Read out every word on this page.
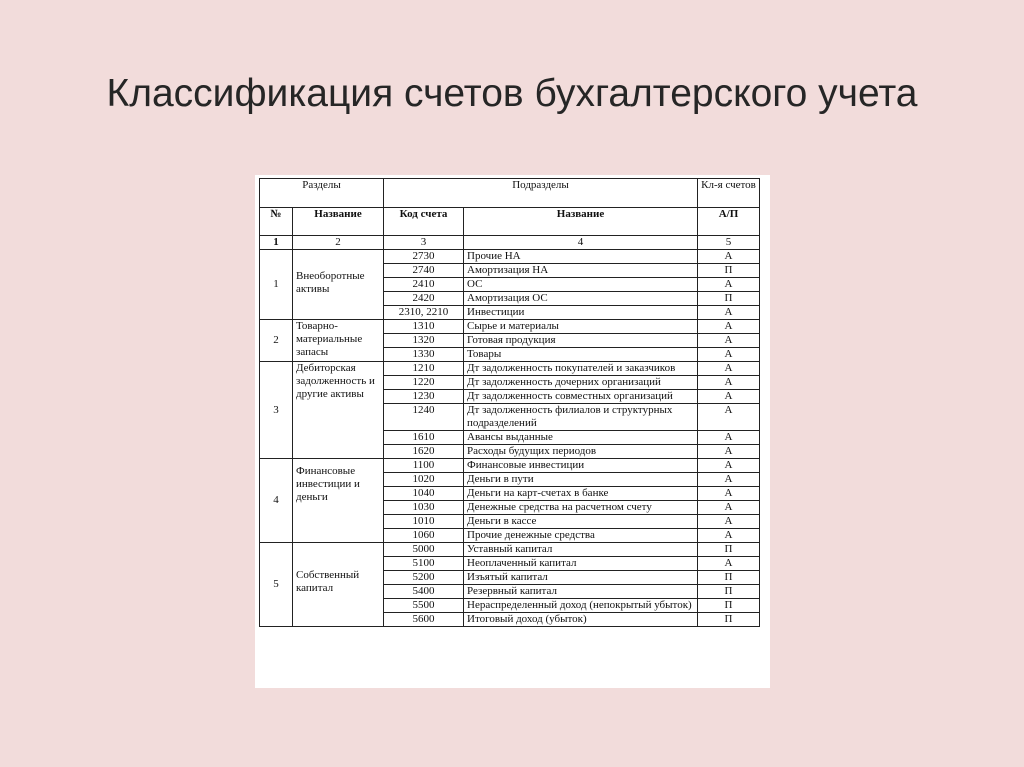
Классификация счетов бухгалтерского учета
Разделы		Подразделы		Кл-я счетов
№	Название	Код счета	Название	А/П
1	2	3	4	5
1	Внеоборотные активы	2730	Прочие НА	А
		2740	Амортизация НА	П
		2410	ОС	А
		2420	Амортизация ОС	П
		2310, 2210	Инвестиции	А
2	Товарно-материальные запасы	1310	Сырье и материалы	А
		1320	Готовая продукция	А
		1330	Товары	А
3	Дебиторская задолженность и другие активы	1210	Дт задолженность покупателей и заказчиков	А
		1220	Дт задолженность дочерних организаций	А
		1230	Дт задолженность совместных организаций	А
		1240	Дт задолженность филиалов и структурных подразделений	А
		1610	Авансы выданные	А
		1620	Расходы будущих периодов	А
4	Финансовые инвестиции и деньги	1100	Финансовые инвестиции	А
		1020	Деньги в пути	А
		1040	Деньги на карт-счетах в банке	А
		1030	Денежные средства на расчетном счету	А
		1010	Деньги в кассе	А
		1060	Прочие денежные средства	А
5	Собственный капитал	5000	Уставный капитал	П
		5100	Неоплаченный капитал	А
		5200	Изъятый капитал	П
		5400	Резервный капитал	П
		5500	Нераспределенный доход (непокрытый убыток)	П
		5600	Итоговый доход (убыток)	П
